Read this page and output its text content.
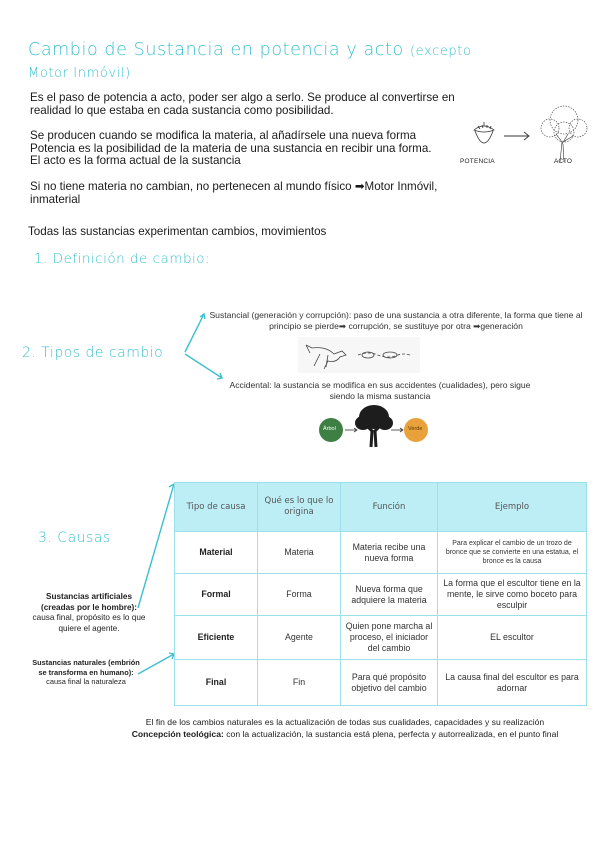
Cambio de Sustancia en potencia y acto (excepto
Motor Inmóvil)
Es el paso de potencia a acto, poder ser algo a serlo. Se produce al convertirse en realidad lo que estaba en cada sustancia como posibilidad.
Se producen cuando se modifica la materia, al añadírsele una nueva forma
Potencia es la posibilidad de la materia de una sustancia en recibir una forma.
El acto es la forma actual de la sustancia
Si no tiene materia no cambian, no pertenecen al mundo físico ➡Motor Inmóvil, inmaterial
Todas las sustancias experimentan cambios, movimientos
POTENCIA	ACTO
1. Definición de cambio:
2. Tipos de cambio
Sustancial (generación y corrupción): paso de una sustancia a otra diferente, la forma que tiene al principio se pierde➡ corrupción, se sustituye por otra ➡generación
Accidental: la sustancia se modifica en sus accidentes (cualidades), pero sigue siendo la misma sustancia
Árbol	Verde
3. Causas
Tipo de causa	Qué es lo que lo origina	Función	Ejemplo
Material	Materia	Materia recibe una nueva forma	Para explicar el cambio de un trozo de bronce que se convierte en una estatua, el bronce es la causa
Formal	Forma	Nueva forma que adquiere la materia	La forma que el escultor tiene en la mente, le sirve como boceto para esculpir
Eficiente	Agente	Quien pone marcha al proceso, el iniciador del cambio	EL escultor
Final	Fin	Para qué propósito objetivo del cambio	La causa final del escultor es para adornar
Sustancias artificiales (creadas por le hombre):
causa final, propósito es lo que quiere el agente.
Sustancias naturales (embrión se transforma en humano):
causa final la naturaleza
El fin de los cambios naturales es la actualización de todas sus cualidades, capacidades y su realización
Concepción teológica: con la actualización, la sustancia está plena, perfecta y autorrealizada, en el punto final
